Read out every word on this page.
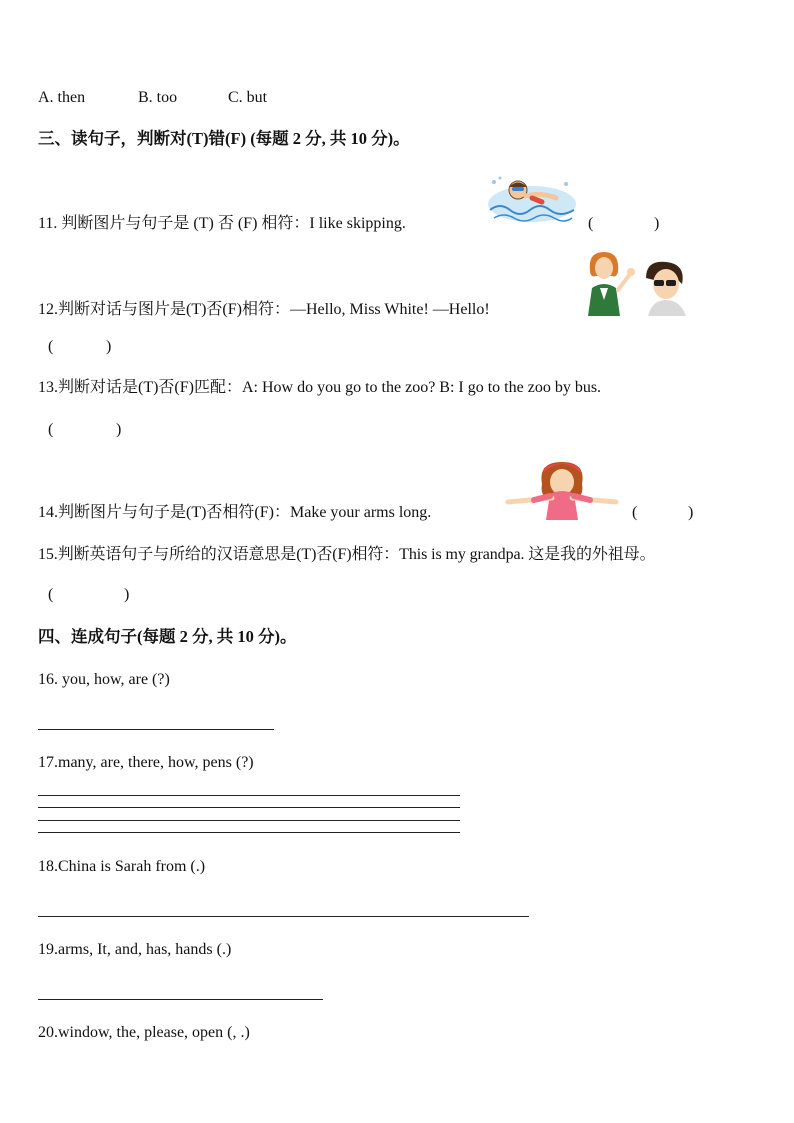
A. then	B. too	C. but
三、读句子，判断对(T)错(F) (每题 2 分, 共 10 分)。
11. 判断图片与句子是 (T) 否 (F) 相符：I like skipping.	(	)
12.判断对话与图片是(T)否(F)相符：—Hello, Miss White! —Hello!
(	)
13.判断对话是(T)否(F)匹配：A: How do you go to the zoo? B: I go to the zoo by bus.
(	)
14.判断图片与句子是(T)否相符(F)：Make your arms long.	(	)
15.判断英语句子与所给的汉语意思是(T)否(F)相符：This is my grandpa. 这是我的外祖母。
(	)
四、连成句子(每题 2 分, 共 10 分)。
16. you, how, are (?)
17.many, are, there, how, pens (?)
18.China is Sarah from (.)
19.arms, It, and, has, hands (.)
20.window, the, please, open (, .)
